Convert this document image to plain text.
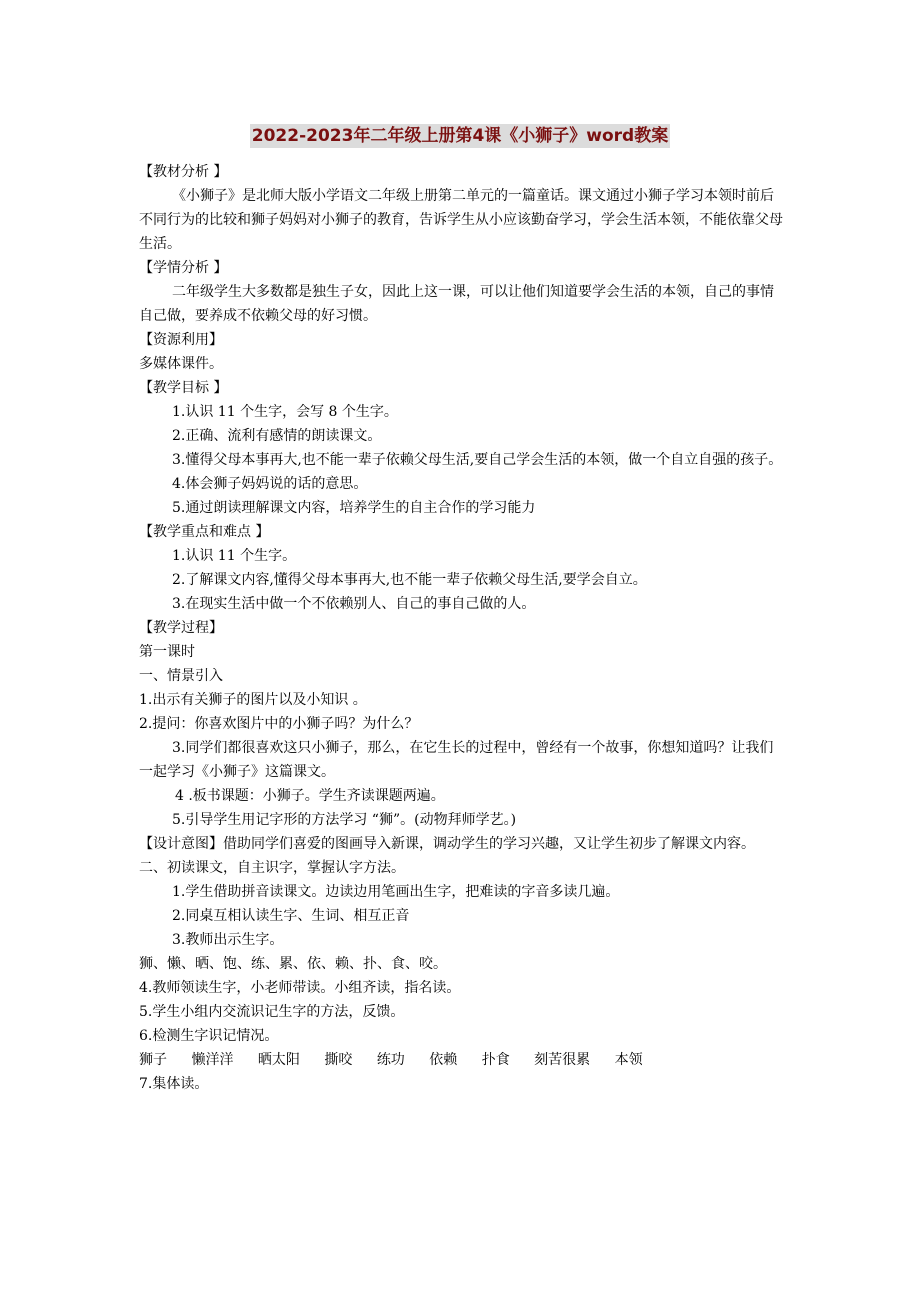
2022-2023年二年级上册第4课《小狮子》word教案
【教材分析 】
《小狮子》是北师大版小学语文二年级上册第二单元的一篇童话。课文通过小狮子学习本领时前后不同行为的比较和狮子妈妈对小狮子的教育，告诉学生从小应该勤奋学习，学会生活本领，不能依靠父母生活。
【学情分析 】
二年级学生大多数都是独生子女，因此上这一课，可以让他们知道要学会生活的本领，自己的事情自己做，要养成不依赖父母的好习惯。
【资源利用】
多媒体课件。
【教学目标 】
1.认识 11 个生字，会写 8 个生字。
2.正确、流利有感情的朗读课文。
3.懂得父母本事再大,也不能一辈子依赖父母生活,要自己学会生活的本领，做一个自立自强的孩子。
4.体会狮子妈妈说的话的意思。
5.通过朗读理解课文内容，培养学生的自主合作的学习能力
【教学重点和难点 】
1.认识 11 个生字。
2.了解课文内容,懂得父母本事再大,也不能一辈子依赖父母生活,要学会自立。
3.在现实生活中做一个不依赖别人、自己的事自己做的人。
【教学过程】
第一课时
一、情景引入
1.出示有关狮子的图片以及小知识 。
2.提问：你喜欢图片中的小狮子吗？为什么？
3.同学们都很喜欢这只小狮子，那么，在它生长的过程中，曾经有一个故事，你想知道吗？让我们一起学习《小狮子》这篇课文。
4 .板书课题：小狮子。学生齐读课题两遍。
5.引导学生用记字形的方法学习 “狮”。(动物拜师学艺。)
【设计意图】借助同学们喜爱的图画导入新课，调动学生的学习兴趣，又让学生初步了解课文内容。
二、初读课文，自主识字，掌握认字方法。
1.学生借助拼音读课文。边读边用笔画出生字，把难读的字音多读几遍。
2.同桌互相认读生字、生词、相互正音
3.教师出示生字。
狮、懒、晒、饱、练、累、依、赖、扑、食、咬。
4.教师领读生字，小老师带读。小组齐读，指名读。
5.学生小组内交流识记生字的方法，反馈。
6.检测生字识记情况。
狮子 懒洋洋 晒太阳 撕咬 练功 依赖 扑食 刻苦很累 本领
7.集体读。
